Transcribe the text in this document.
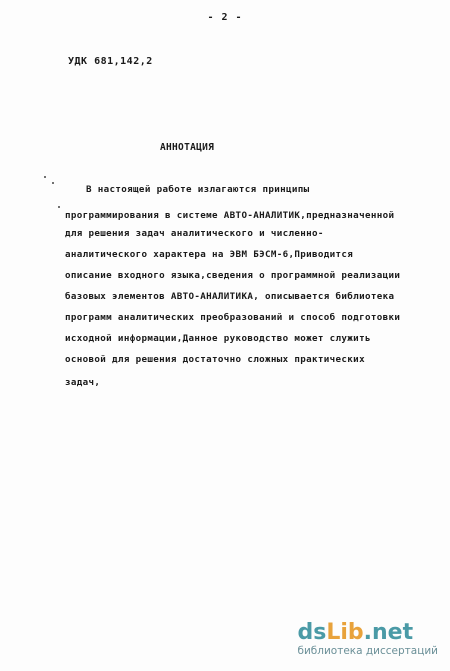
- 2 -
УДК 681,142,2
АННОТАЦИЯ
В настоящей работе излагаются принципы
программирования в системе АВТО-АНАЛИТИК,предназначенной
для решения задач аналитического и численно-
аналитического характера на ЭВМ БЭСМ-6,Приводится
описание входного языка,сведения о программной реализации
базовых элементов АВТО-АНАЛИТИКА, описывается библиотека
программ аналитических преобразований и способ подготовки
исходной информации,Данное руководство может служить
основой для решения достаточно сложных практических
задач,
dsLib.net
библиотека диссертаций
